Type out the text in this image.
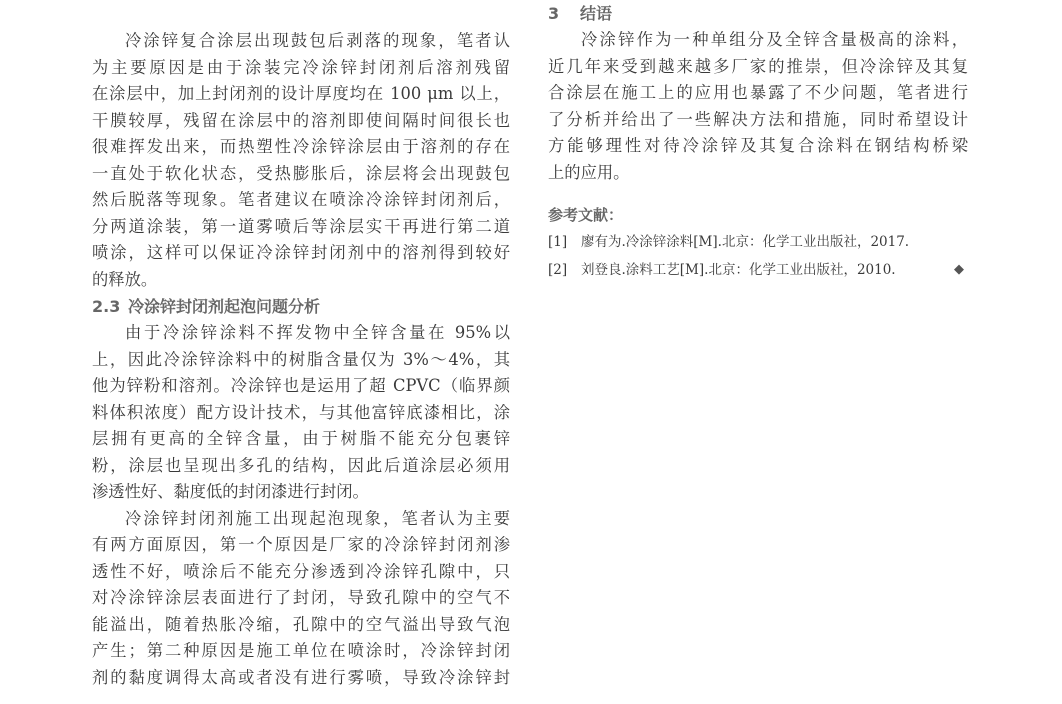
冷涂锌复合涂层出现鼓包后剥落的现象，笔者认
为主要原因是由于涂装完冷涂锌封闭剂后溶剂残留
在涂层中，加上封闭剂的设计厚度均在 100 μm 以上，
干膜较厚，残留在涂层中的溶剂即使间隔时间很长也
很难挥发出来，而热塑性冷涂锌涂层由于溶剂的存在
一直处于软化状态，受热膨胀后，涂层将会出现鼓包
然后脱落等现象。笔者建议在喷涂冷涂锌封闭剂后，
分两道涂装，第一道雾喷后等涂层实干再进行第二道
喷涂，这样可以保证冷涂锌封闭剂中的溶剂得到较好
的释放。
2.3 冷涂锌封闭剂起泡问题分析
由于冷涂锌涂料不挥发物中全锌含量在 95%以
上，因此冷涂锌涂料中的树脂含量仅为 3%～4%，其
他为锌粉和溶剂。冷涂锌也是运用了超 CPVC（临界颜
料体积浓度）配方设计技术，与其他富锌底漆相比，涂
层拥有更高的全锌含量，由于树脂不能充分包裹锌
粉，涂层也呈现出多孔的结构，因此后道涂层必须用
渗透性好、黏度低的封闭漆进行封闭。
冷涂锌封闭剂施工出现起泡现象，笔者认为主要
有两方面原因，第一个原因是厂家的冷涂锌封闭剂渗
透性不好，喷涂后不能充分渗透到冷涂锌孔隙中，只
对冷涂锌涂层表面进行了封闭，导致孔隙中的空气不
能溢出，随着热胀冷缩，孔隙中的空气溢出导致气泡
产生；第二种原因是施工单位在喷涂时，冷涂锌封闭
剂的黏度调得太高或者没有进行雾喷，导致冷涂锌封
3 结语
冷涂锌作为一种单组分及全锌含量极高的涂料，
近几年来受到越来越多厂家的推崇，但冷涂锌及其复
合涂层在施工上的应用也暴露了不少问题，笔者进行
了分析并给出了一些解决方法和措施，同时希望设计
方能够理性对待冷涂锌及其复合涂料在钢结构桥梁
上的应用。
参考文献：
[1] 廖有为.冷涂锌涂料[M].北京：化学工业出版社，2017.
[2] 刘登良.涂料工艺[M].北京：化学工业出版社，2010.	◆
